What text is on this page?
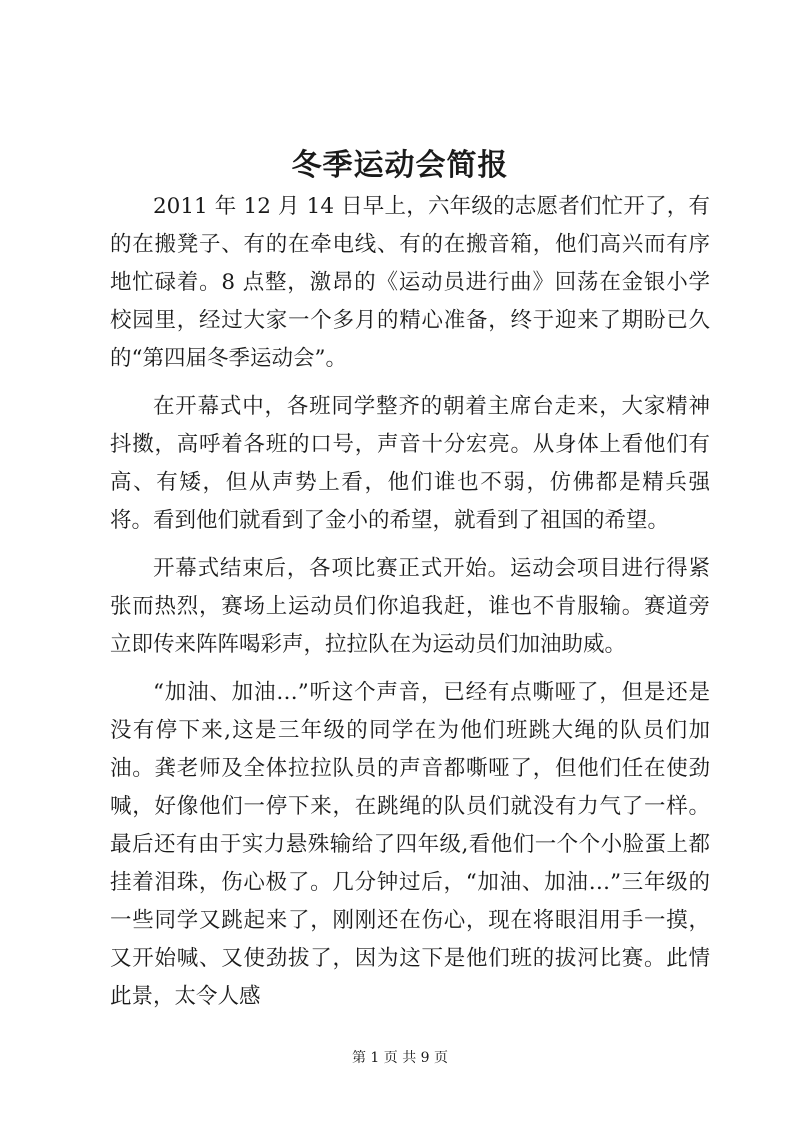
冬季运动会简报

2011 年 12 月 14 日早上，六年级的志愿者们忙开了，有的在搬凳子、有的在牵电线、有的在搬音箱，他们高兴而有序地忙碌着。8 点整，激昂的《运动员进行曲》回荡在金银小学校园里，经过大家一个多月的精心准备，终于迎来了期盼已久的“第四届冬季运动会”。

在开幕式中，各班同学整齐的朝着主席台走来，大家精神抖擞，高呼着各班的口号，声音十分宏亮。从身体上看他们有高、有矮，但从声势上看，他们谁也不弱，仿佛都是精兵强将。看到他们就看到了金小的希望，就看到了祖国的希望。

开幕式结束后，各项比赛正式开始。运动会项目进行得紧张而热烈，赛场上运动员们你追我赶，谁也不肯服输。赛道旁立即传来阵阵喝彩声，拉拉队在为运动员们加油助威。

“加油、加油…”听这个声音，已经有点嘶哑了，但是还是没有停下来,这是三年级的同学在为他们班跳大绳的队员们加油。龚老师及全体拉拉队员的声音都嘶哑了，但他们任在使劲喊，好像他们一停下来，在跳绳的队员们就没有力气了一样。最后还有由于实力悬殊输给了四年级,看他们一个个小脸蛋上都挂着泪珠，伤心极了。几分钟过后，“加油、加油…”三年级的一些同学又跳起来了，刚刚还在伤心，现在将眼泪用手一摸，又开始喊、又使劲拔了，因为这下是他们班的拔河比赛。此情此景，太令人感

第 1 页 共 9 页
